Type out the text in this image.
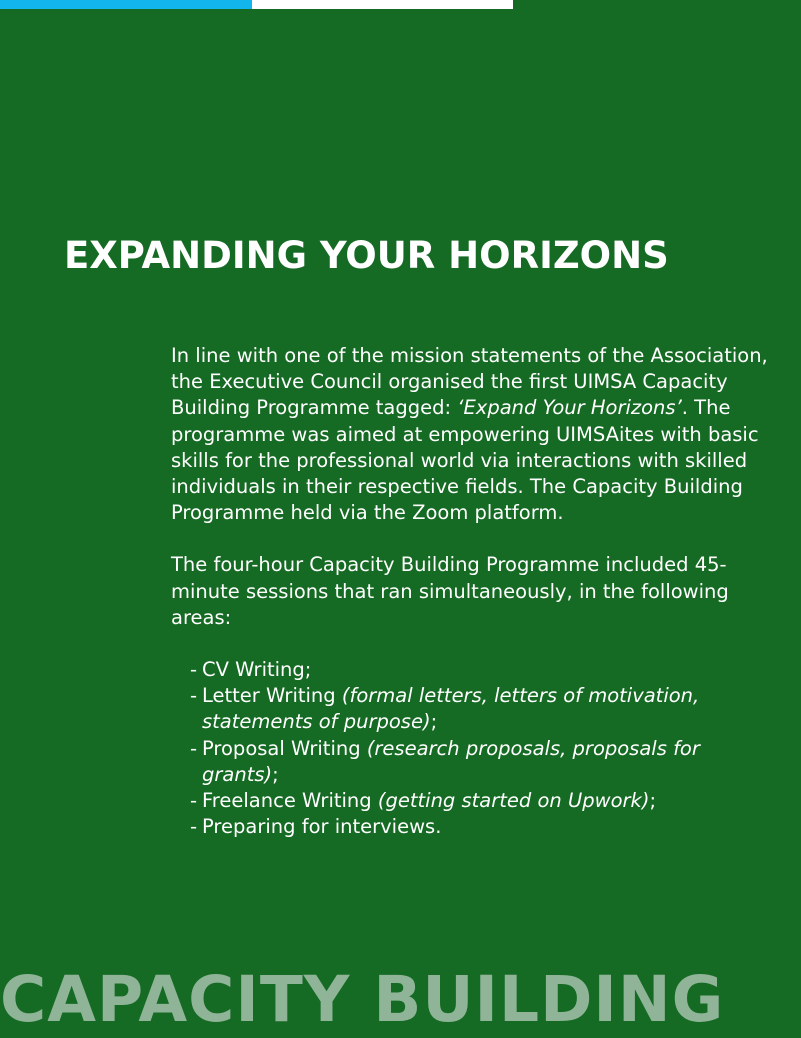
EXPANDING YOUR HORIZONS

In line with one of the mission statements of the Association, the Executive Council organised the first UIMSA Capacity Building Programme tagged: ‘Expand Your Horizons’. The programme was aimed at empowering UIMSAites with basic skills for the professional world via interactions with skilled individuals in their respective fields. The Capacity Building Programme held via the Zoom platform.

The four-hour Capacity Building Programme included 45-minute sessions that ran simultaneously, in the following areas:

- CV Writing;
- Letter Writing (formal letters, letters of motivation, statements of purpose);
- Proposal Writing (research proposals, proposals for grants);
- Freelance Writing (getting started on Upwork);
- Preparing for interviews.
CAPACITY BUILDING
